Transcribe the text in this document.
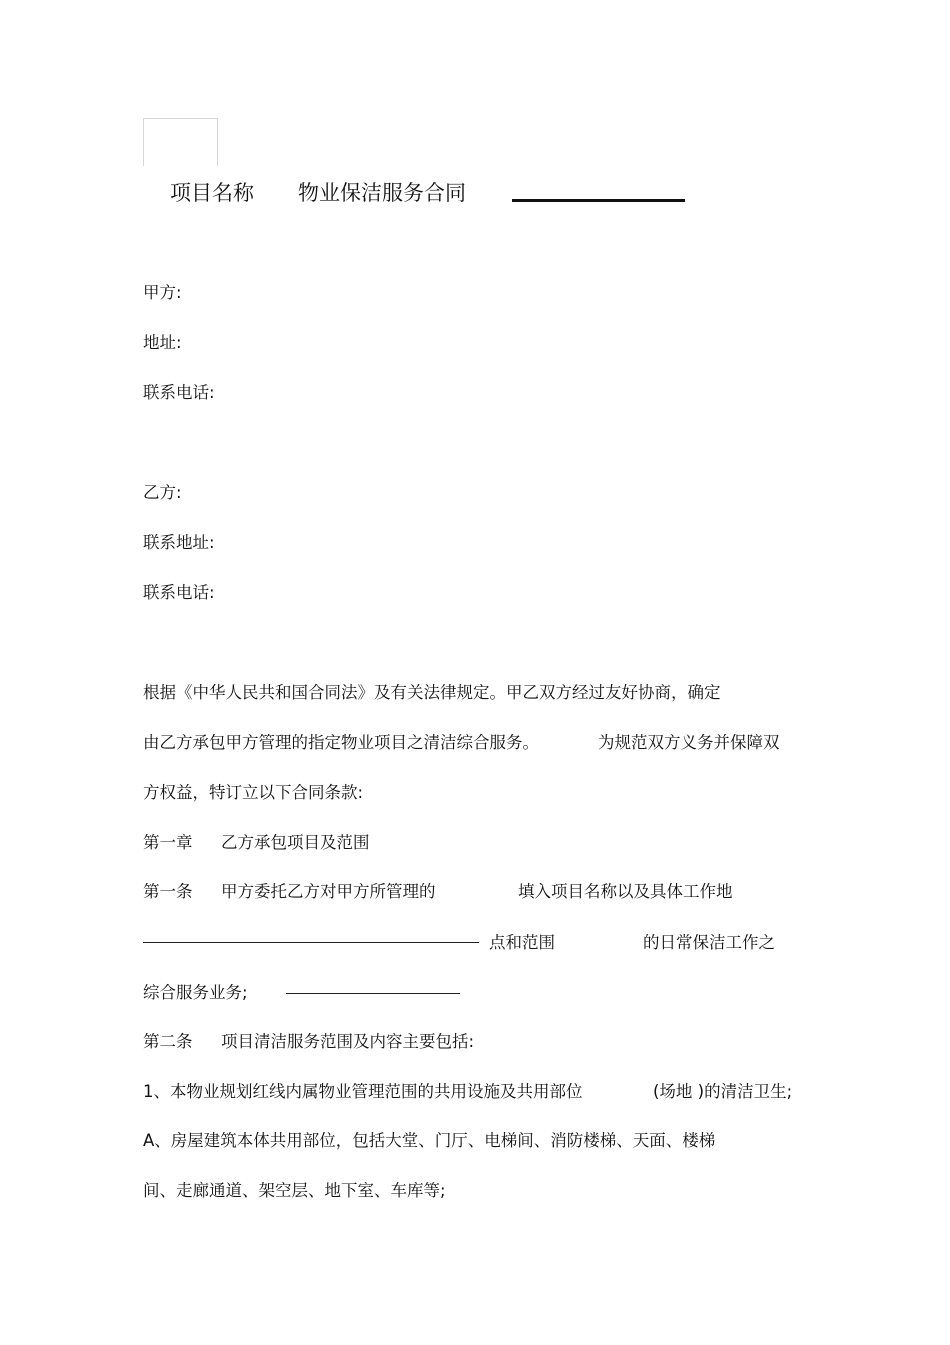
项目名称 物业保洁服务合同
甲方:
地址:
联系电话:
乙方:
联系地址:
联系电话:
根据《中华人民共和国合同法》及有关法律规定。甲乙双方经过友好协商，确定
由乙方承包甲方管理的指定物业项目之清洁综合服务。	为规范双方义务并保障双
方权益，特订立以下合同条款:
第一章 乙方承包项目及范围
第一条 甲方委托乙方对甲方所管理的	填入项目名称以及具体工作地
点和范围	的日常保洁工作之
综合服务业务;
第二条 项目清洁服务范围及内容主要包括:
1、本物业规划红线内属物业管理范围的共用设施及共用部位	(场地 )的清洁卫生;
A、房屋建筑本体共用部位，包括大堂、门厅、电梯间、消防楼梯、天面、楼梯
间、走廊通道、架空层、地下室、车库等;
